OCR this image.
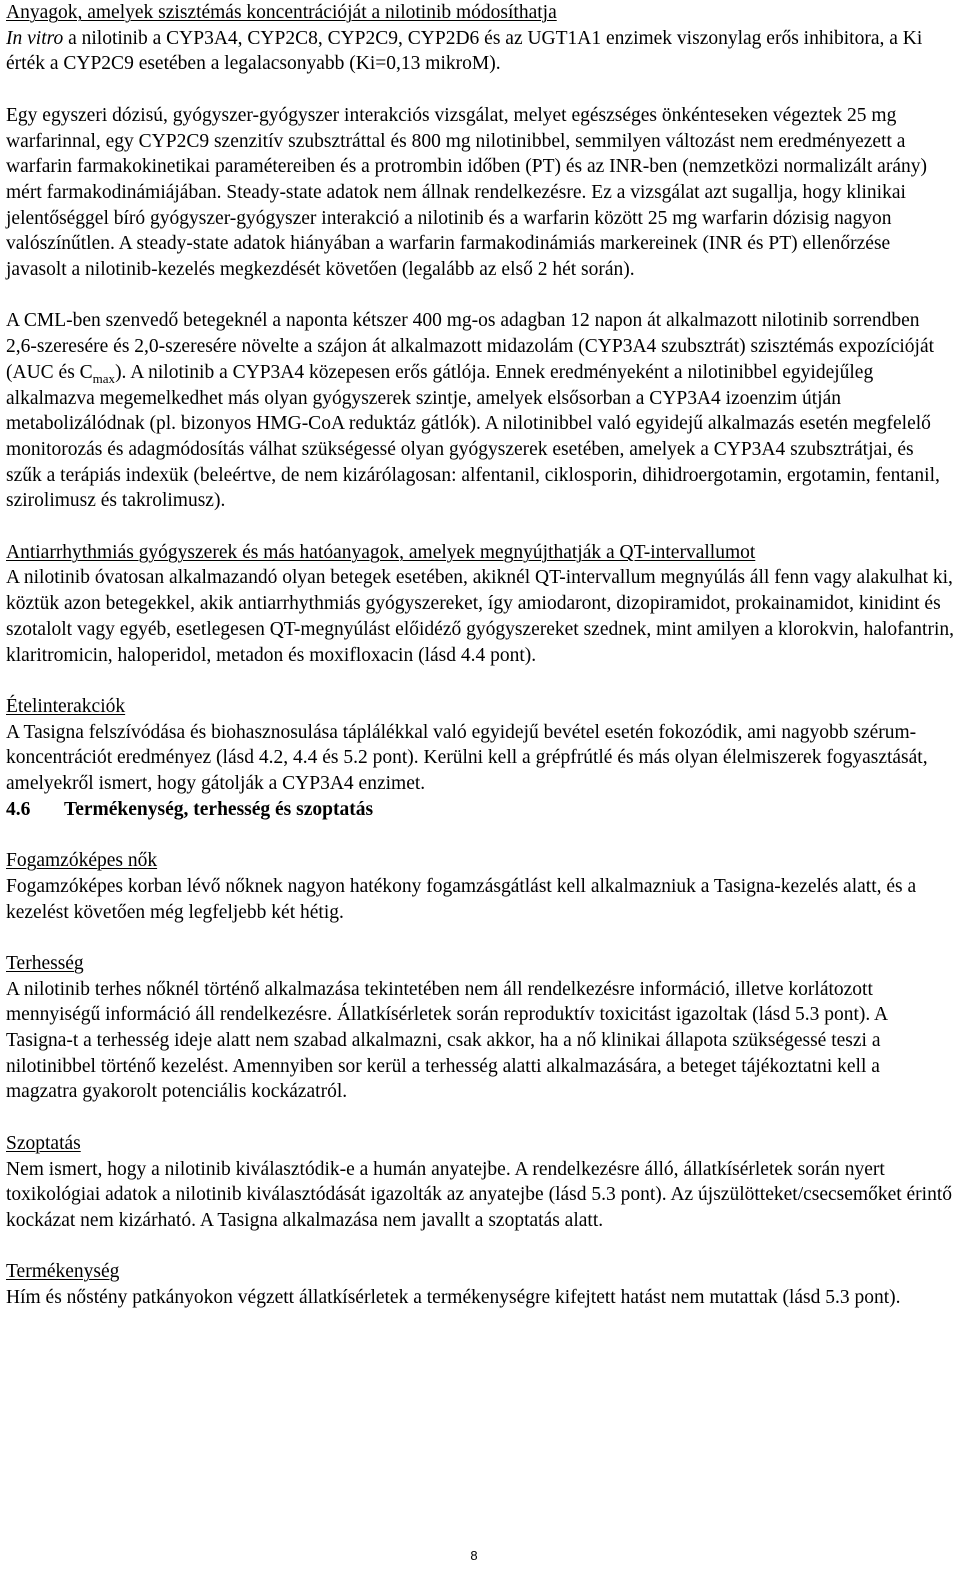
Anyagok, amelyek szisztémás koncentrációját a nilotinib módosíthatja

In vitro a nilotinib a CYP3A4, CYP2C8, CYP2C9, CYP2D6 és az UGT1A1 enzimek viszonylag erős inhibitora, a Ki érték a CYP2C9 esetében a legalacsonyabb (Ki=0,13 mikroM).

Egy egyszeri dózisú, gyógyszer-gyógyszer interakciós vizsgálat, melyet egészséges önkénteseken végeztek 25 mg warfarinnal, egy CYP2C9 szenzitív szubsztráttal és 800 mg nilotinibbel, semmilyen változást nem eredményezett a warfarin farmakokinetikai paramétereiben és a protrombin időben (PT) és az INR-ben (nemzetközi normalizált arány) mért farmakodinámiájában. Steady-state adatok nem állnak rendelkezésre. Ez a vizsgálat azt sugallja, hogy klinikai jelentőséggel bíró gyógyszer-gyógyszer interakció a nilotinib és a warfarin között 25 mg warfarin dózisig nagyon valószínűtlen. A steady-state adatok hiányában a warfarin farmakodinámiás markereinek (INR és PT) ellenőrzése javasolt a nilotinib-kezelés megkezdését követően (legalább az első 2 hét során).

A CML-ben szenvedő betegeknél a naponta kétszer 400 mg-os adagban 12 napon át alkalmazott nilotinib sorrendben 2,6-szeresére és 2,0-szeresére növelte a szájon át alkalmazott midazolám (CYP3A4 szubsztrát) szisztémás expozícióját (AUC és $C_{max}$). A nilotinib a CYP3A4 közepesen erős gátlója. Ennek eredményeként a nilotinibbel egyidejűleg alkalmazva megemelkedhet más olyan gyógyszerek szintje, amelyek elsősorban a CYP3A4 izoenzim útján metabolizálódnak (pl. bizonyos HMG-CoA reduktáz gátlók). A nilotinibbel való egyidejű alkalmazás esetén megfelelő monitorozás és adagmódosítás válhat szükségessé olyan gyógyszerek esetében, amelyek a CYP3A4 szubsztrátjai, és szűk a terápiás indexük (beleértve, de nem kizárólagosan: alfentanil, ciklosporin, dihidroergotamin, ergotamin, fentanil, szirolimusz és takrolimusz).

Antiarrhythmiás gyógyszerek és más hatóanyagok, amelyek megnyújthatják a QT-intervallumot

A nilotinib óvatosan alkalmazandó olyan betegek esetében, akiknél QT-intervallum megnyúlás áll fenn vagy alakulhat ki, köztük azon betegekkel, akik antiarrhythmiás gyógyszereket, így amiodaront, dizopiramidot, prokainamidot, kinidint és szotalolt vagy egyéb, esetlegesen QT-megnyúlást előidéző gyógyszereket szednek, mint amilyen a klorokvin, halofantrin, klaritromicin, haloperidol, metadon és moxifloxacin (lásd 4.4 pont).

Ételinterakciók

A Tasigna felszívódása és biohasznosulása táplálékkal való egyidejű bevétel esetén fokozódik, ami nagyobb szérum-koncentrációt eredményez (lásd 4.2, 4.4 és 5.2 pont). Kerülni kell a grépfrútlé és más olyan élelmiszerek fogyasztását, amelyekről ismert, hogy gátolják a CYP3A4 enzimet.

4.6 Termékenység, terhesség és szoptatás

Fogamzóképes nők

Fogamzóképes korban lévő nőknek nagyon hatékony fogamzásgátlást kell alkalmazniuk a Tasigna-kezelés alatt, és a kezelést követően még legfeljebb két hétig.

Terhesség

A nilotinib terhes nőknél történő alkalmazása tekintetében nem áll rendelkezésre információ, illetve korlátozott mennyiségű információ áll rendelkezésre. Állatkísérletek során reproduktív toxicitást igazoltak (lásd 5.3 pont). A Tasigna-t a terhesség ideje alatt nem szabad alkalmazni, csak akkor, ha a nő klinikai állapota szükségessé teszi a nilotinibbel történő kezelést. Amennyiben sor kerül a terhesség alatti alkalmazására, a beteget tájékoztatni kell a magzatra gyakorolt potenciális kockázatról.

Szoptatás

Nem ismert, hogy a nilotinib kiválasztódik-e a humán anyatejbe. A rendelkezésre álló, állatkísérletek során nyert toxikológiai adatok a nilotinib kiválasztódását igazolták az anyatejbe (lásd 5.3 pont). Az újszülötteket/csecsemőket érintő kockázat nem kizárható. A Tasigna alkalmazása nem javallt a szoptatás alatt.

Termékenység

Hím és nőstény patkányokon végzett állatkísérletek a termékenységre kifejtett hatást nem mutattak (lásd 5.3 pont).

8
